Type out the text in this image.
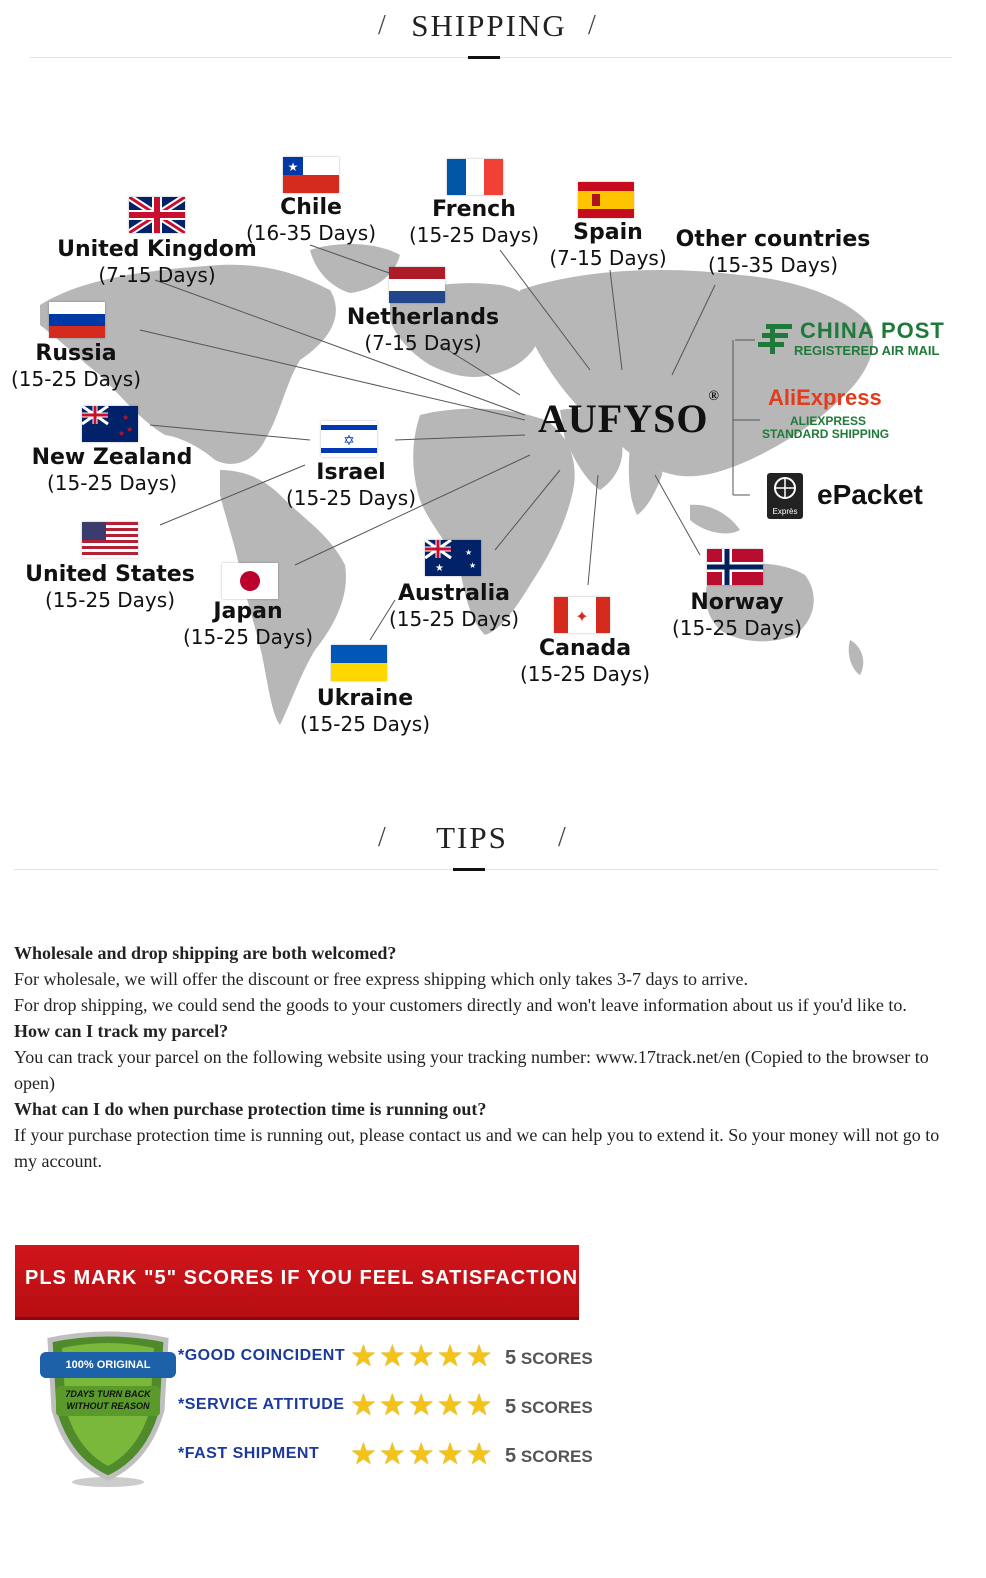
/ SHIPPING /
★
★
★
★	✡
★
★
★
✦
Chile
(16-35 Days)
French
(15-25 Days)	Spain
(7-15 Days)
United Kingdom
(7-15 Days)
Other countries
(15-35 Days)
Netherlands
(7-15 Days)
Russia
(15-25 Days)
New Zealand
(15-25 Days)	Israel
(15-25 Days)
United States
(15-25 Days)	Japan
(15-25 Days)
Australia
(15-25 Days)
Canada
(15-25 Days)
Norway
(15-25 Days)
Ukraine
(15-25 Days)
AUFYSO®
CHINA POST
REGISTERED AIR MAIL
AliExpress
ALIEXPRESS
STANDARD SHIPPING
Exprès
ePacket
/ TIPS /
Wholesale and drop shipping are both welcomed?
For wholesale, we will offer the discount or free express shipping which only takes 3-7 days to arrive.
For drop shipping, we could send the goods to your customers directly and won't leave information about us if you'd like to.
How can I track my parcel?
You can track your parcel on the following website using your tracking number: www.17track.net/en (Copied to the browser to open)
What can I do when purchase protection time is running out?
If your purchase protection time is running out, please contact us and we can help you to extend it. So your money will not go to my account.
PLS MARK "5" SCORES IF YOU FEEL SATISFACTION
100% ORIGINAL
7DAYS TURN BACK WITHOUT REASON
*GOOD COINCIDENT ★★★★★ 5 SCORES
*SERVICE ATTITUDE ★★★★★ 5 SCORES
*FAST SHIPMENT ★★★★★ 5 SCORES
